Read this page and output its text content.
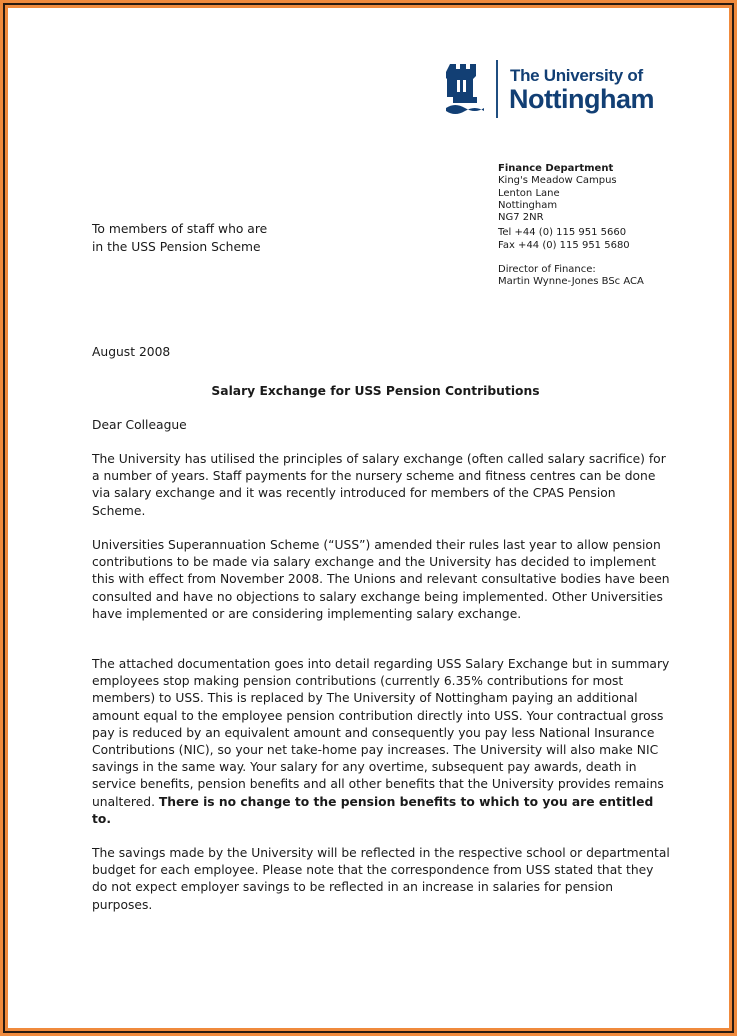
The University of
Nottingham
Finance Department
King's Meadow Campus
Lenton Lane
Nottingham
NG7 2NR
Tel +44 (0) 115 951 5660
Fax +44 (0) 115 951 5680
Director of Finance:
Martin Wynne-Jones BSc ACA
To members of staff who are
in the USS Pension Scheme
August 2008
Salary Exchange for USS Pension Contributions
Dear Colleague

The University has utilised the principles of salary exchange (often called salary sacrifice) for a number of years. Staff payments for the nursery scheme and fitness centres can be done via salary exchange and it was recently introduced for members of the CPAS Pension Scheme.

Universities Superannuation Scheme (“USS”) amended their rules last year to allow pension contributions to be made via salary exchange and the University has decided to implement this with effect from November 2008. The Unions and relevant consultative bodies have been consulted and have no objections to salary exchange being implemented. Other Universities have implemented or are considering implementing salary exchange.

The attached documentation goes into detail regarding USS Salary Exchange but in summary employees stop making pension contributions (currently 6.35% contributions for most members) to USS. This is replaced by The University of Nottingham paying an additional amount equal to the employee pension contribution directly into USS. Your contractual gross pay is reduced by an equivalent amount and consequently you pay less National Insurance Contributions (NIC), so your net take-home pay increases. The University will also make NIC savings in the same way. Your salary for any overtime, subsequent pay awards, death in service benefits, pension benefits and all other benefits that the University provides remains unaltered. There is no change to the pension benefits to which to you are entitled to.

The savings made by the University will be reflected in the respective school or departmental budget for each employee. Please note that the correspondence from USS stated that they do not expect employer savings to be reflected in an increase in salaries for pension purposes.
